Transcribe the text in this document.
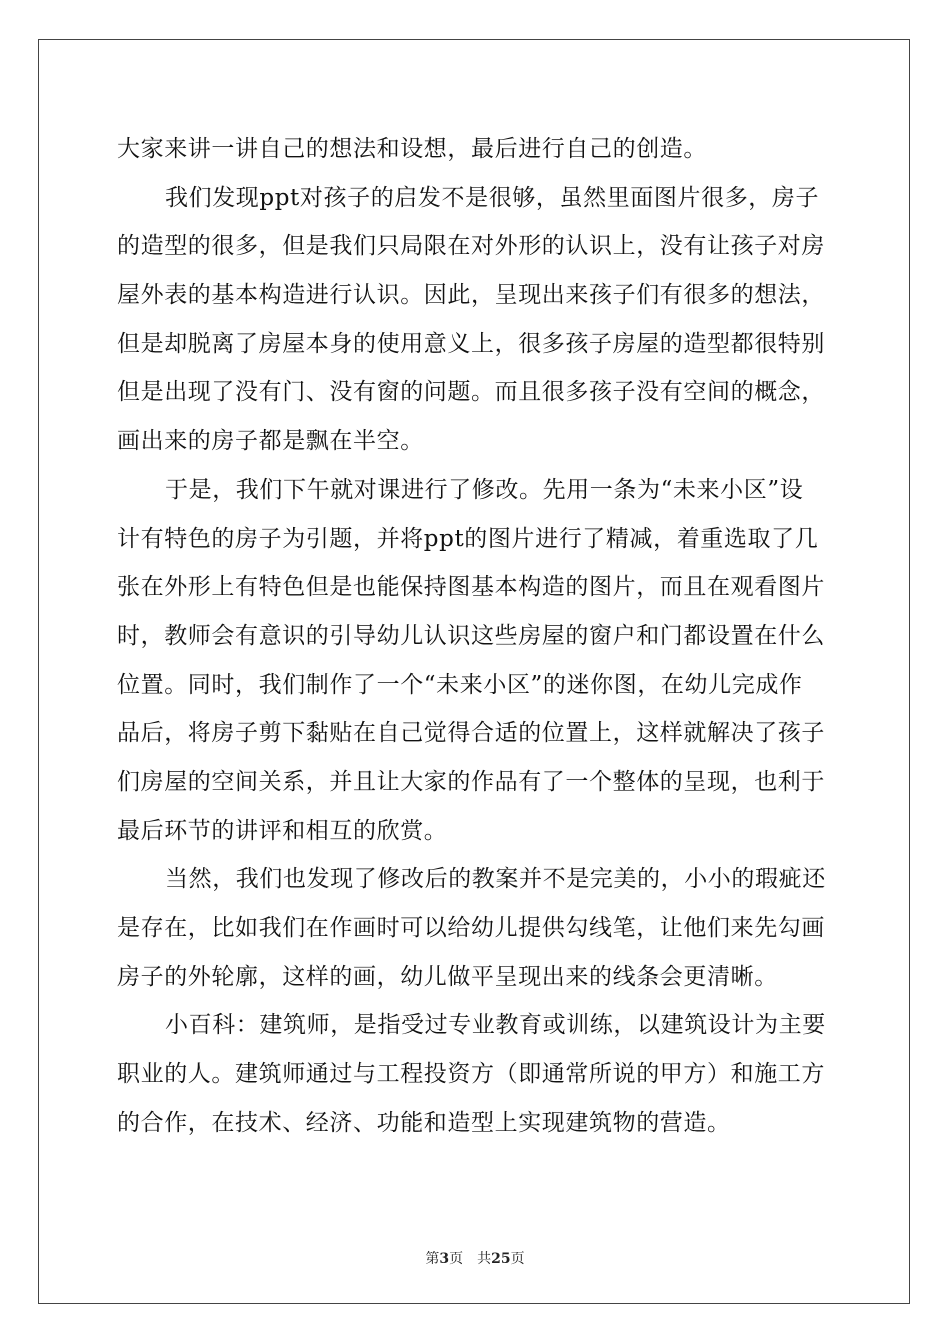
大家来讲一讲自己的想法和设想，最后进行自己的创造。
我们发现ppt对孩子的启发不是很够，虽然里面图片很多，房子
的造型的很多，但是我们只局限在对外形的认识上，没有让孩子对房
屋外表的基本构造进行认识。因此，呈现出来孩子们有很多的想法，
但是却脱离了房屋本身的使用意义上，很多孩子房屋的造型都很特别
但是出现了没有门、没有窗的问题。而且很多孩子没有空间的概念，
画出来的房子都是飘在半空。
于是，我们下午就对课进行了修改。先用一条为“未来小区”设
计有特色的房子为引题，并将ppt的图片进行了精减，着重选取了几
张在外形上有特色但是也能保持图基本构造的图片，而且在观看图片
时，教师会有意识的引导幼儿认识这些房屋的窗户和门都设置在什么
位置。同时，我们制作了一个“未来小区”的迷你图，在幼儿完成作
品后，将房子剪下黏贴在自己觉得合适的位置上，这样就解决了孩子
们房屋的空间关系，并且让大家的作品有了一个整体的呈现，也利于
最后环节的讲评和相互的欣赏。
当然，我们也发现了修改后的教案并不是完美的，小小的瑕疵还
是存在，比如我们在作画时可以给幼儿提供勾线笔，让他们来先勾画
房子的外轮廓，这样的画，幼儿做平呈现出来的线条会更清晰。
小百科：建筑师，是指受过专业教育或训练，以建筑设计为主要
职业的人。建筑师通过与工程投资方（即通常所说的甲方）和施工方
的合作，在技术、经济、功能和造型上实现建筑物的营造。
第3页 共25页
